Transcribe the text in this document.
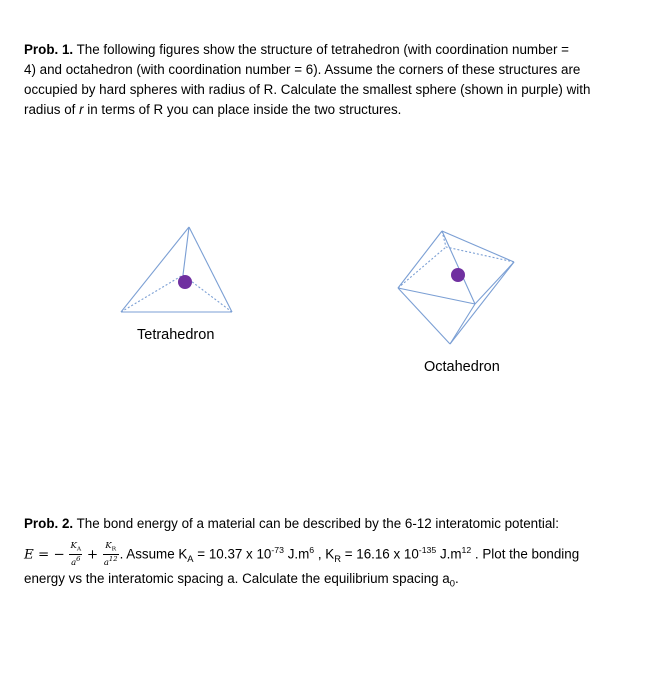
Prob. 1. The following figures show the structure of tetrahedron (with coordination number =
4) and octahedron (with coordination number = 6). Assume the corners of these structures are
occupied by hard spheres with radius of R. Calculate the smallest sphere (shown in purple) with
radius of r in terms of R you can place inside the two structures.
Tetrahedron
Octahedron
Prob. 2. The bond energy of a material can be described by the 6-12 interatomic potential:
E = − $\frac{K_A}{a^6} + \frac{K_R}{a^{12}}$ . Assume $K_A = 10.37$ x $10^{-73}$ $J.m^6$ , $K_R = 16.16$ x $10^{-135}$ $J.m^{12}$ . Plot the bonding
energy vs the interatomic spacing a. Calculate the equilibrium spacing $a_0$.
